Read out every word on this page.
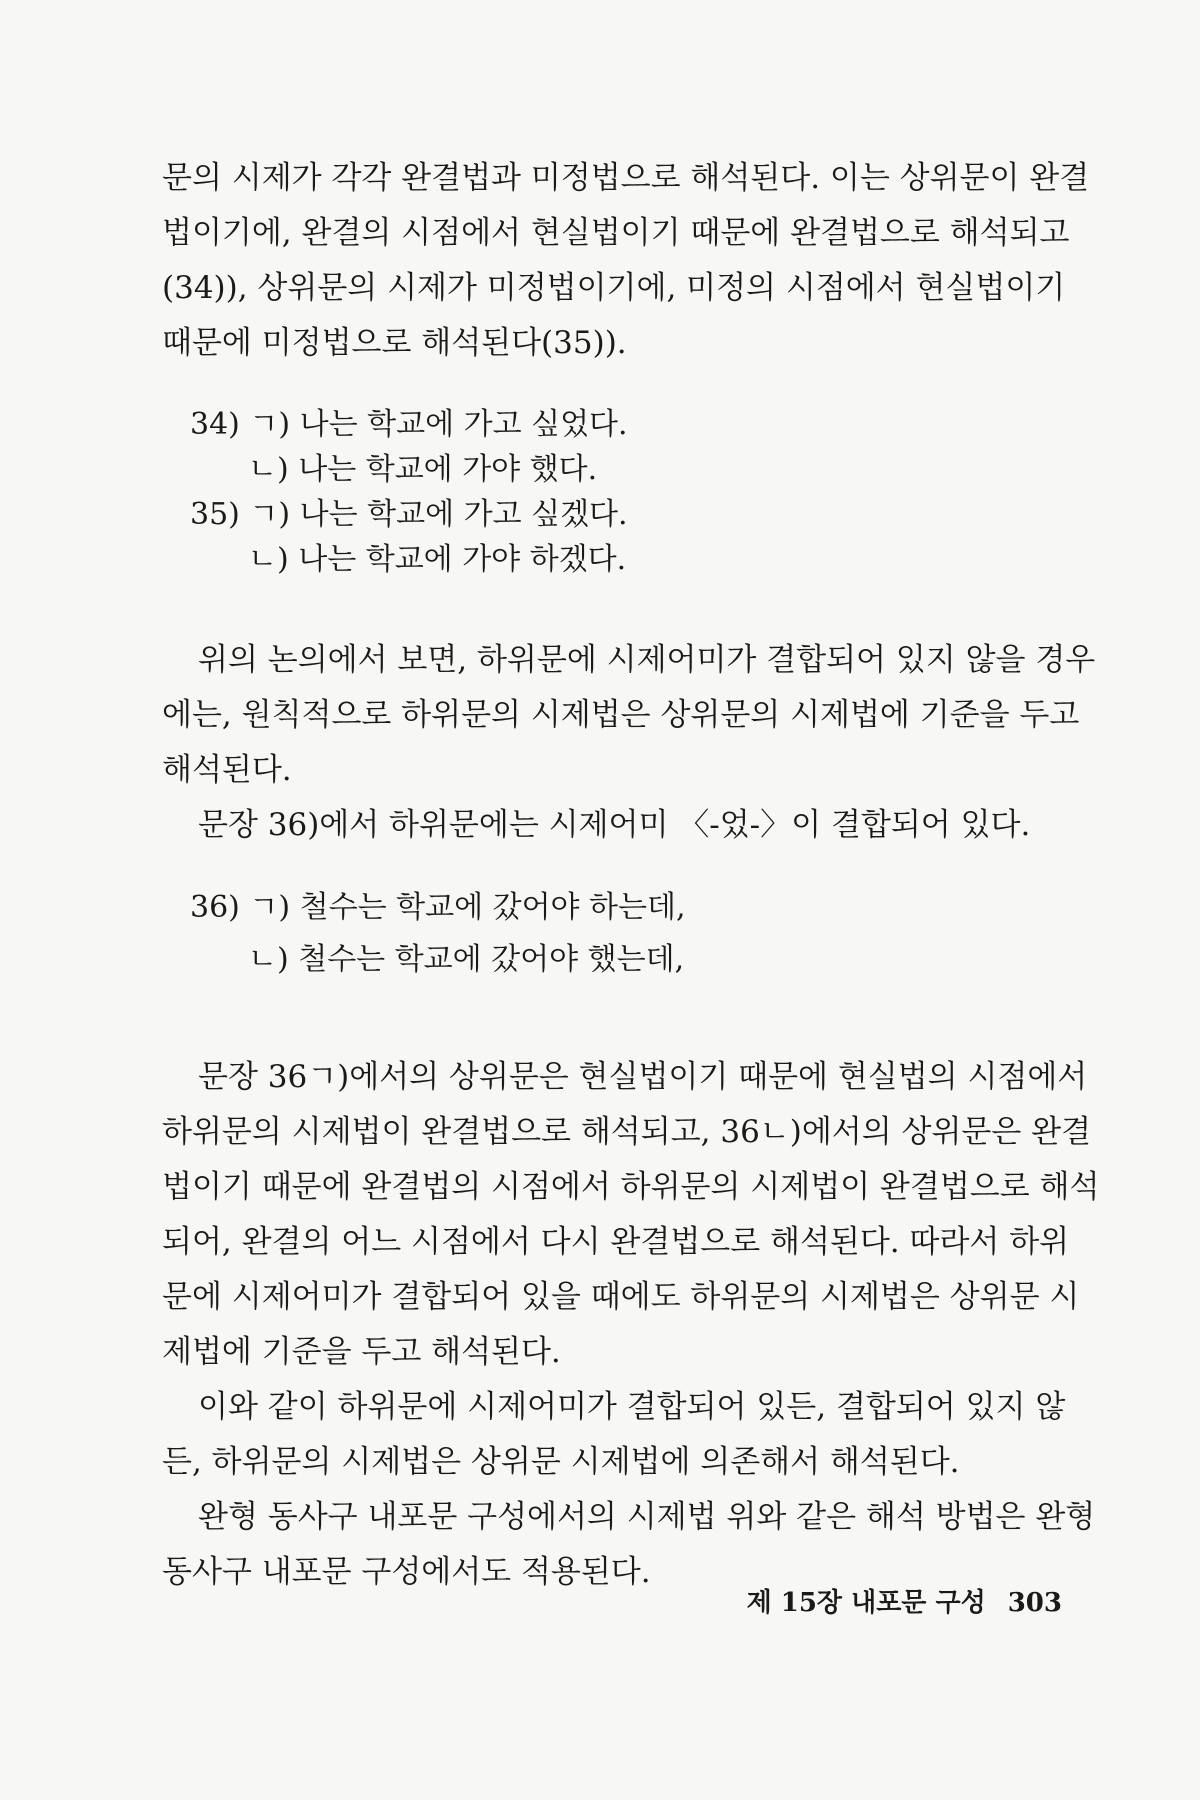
문의 시제가 각각 완결법과 미정법으로 해석된다. 이는 상위문이 완결
법이기에, 완결의 시점에서 현실법이기 때문에 완결법으로 해석되고
(34)), 상위문의 시제가 미정법이기에, 미정의 시점에서 현실법이기
때문에 미정법으로 해석된다(35)).
34) ㄱ) 나는 학교에 가고 싶었다.
ㄴ) 나는 학교에 가야 했다.
35) ㄱ) 나는 학교에 가고 싶겠다.
ㄴ) 나는 학교에 가야 하겠다.
위의 논의에서 보면, 하위문에 시제어미가 결합되어 있지 않을 경우
에는, 원칙적으로 하위문의 시제법은 상위문의 시제법에 기준을 두고
해석된다.
문장 36)에서 하위문에는 시제어미 〈-었-〉이 결합되어 있다.
36) ㄱ) 철수는 학교에 갔어야 하는데,
ㄴ) 철수는 학교에 갔어야 했는데,
문장 36ㄱ)에서의 상위문은 현실법이기 때문에 현실법의 시점에서
하위문의 시제법이 완결법으로 해석되고, 36ㄴ)에서의 상위문은 완결
법이기 때문에 완결법의 시점에서 하위문의 시제법이 완결법으로 해석
되어, 완결의 어느 시점에서 다시 완결법으로 해석된다. 따라서 하위
문에 시제어미가 결합되어 있을 때에도 하위문의 시제법은 상위문 시
제법에 기준을 두고 해석된다.
이와 같이 하위문에 시제어미가 결합되어 있든, 결합되어 있지 않
든, 하위문의 시제법은 상위문 시제법에 의존해서 해석된다.
완형 동사구 내포문 구성에서의 시제법 위와 같은 해석 방법은 완형
동사구 내포문 구성에서도 적용된다.
제 15장 내포문 구성 303
